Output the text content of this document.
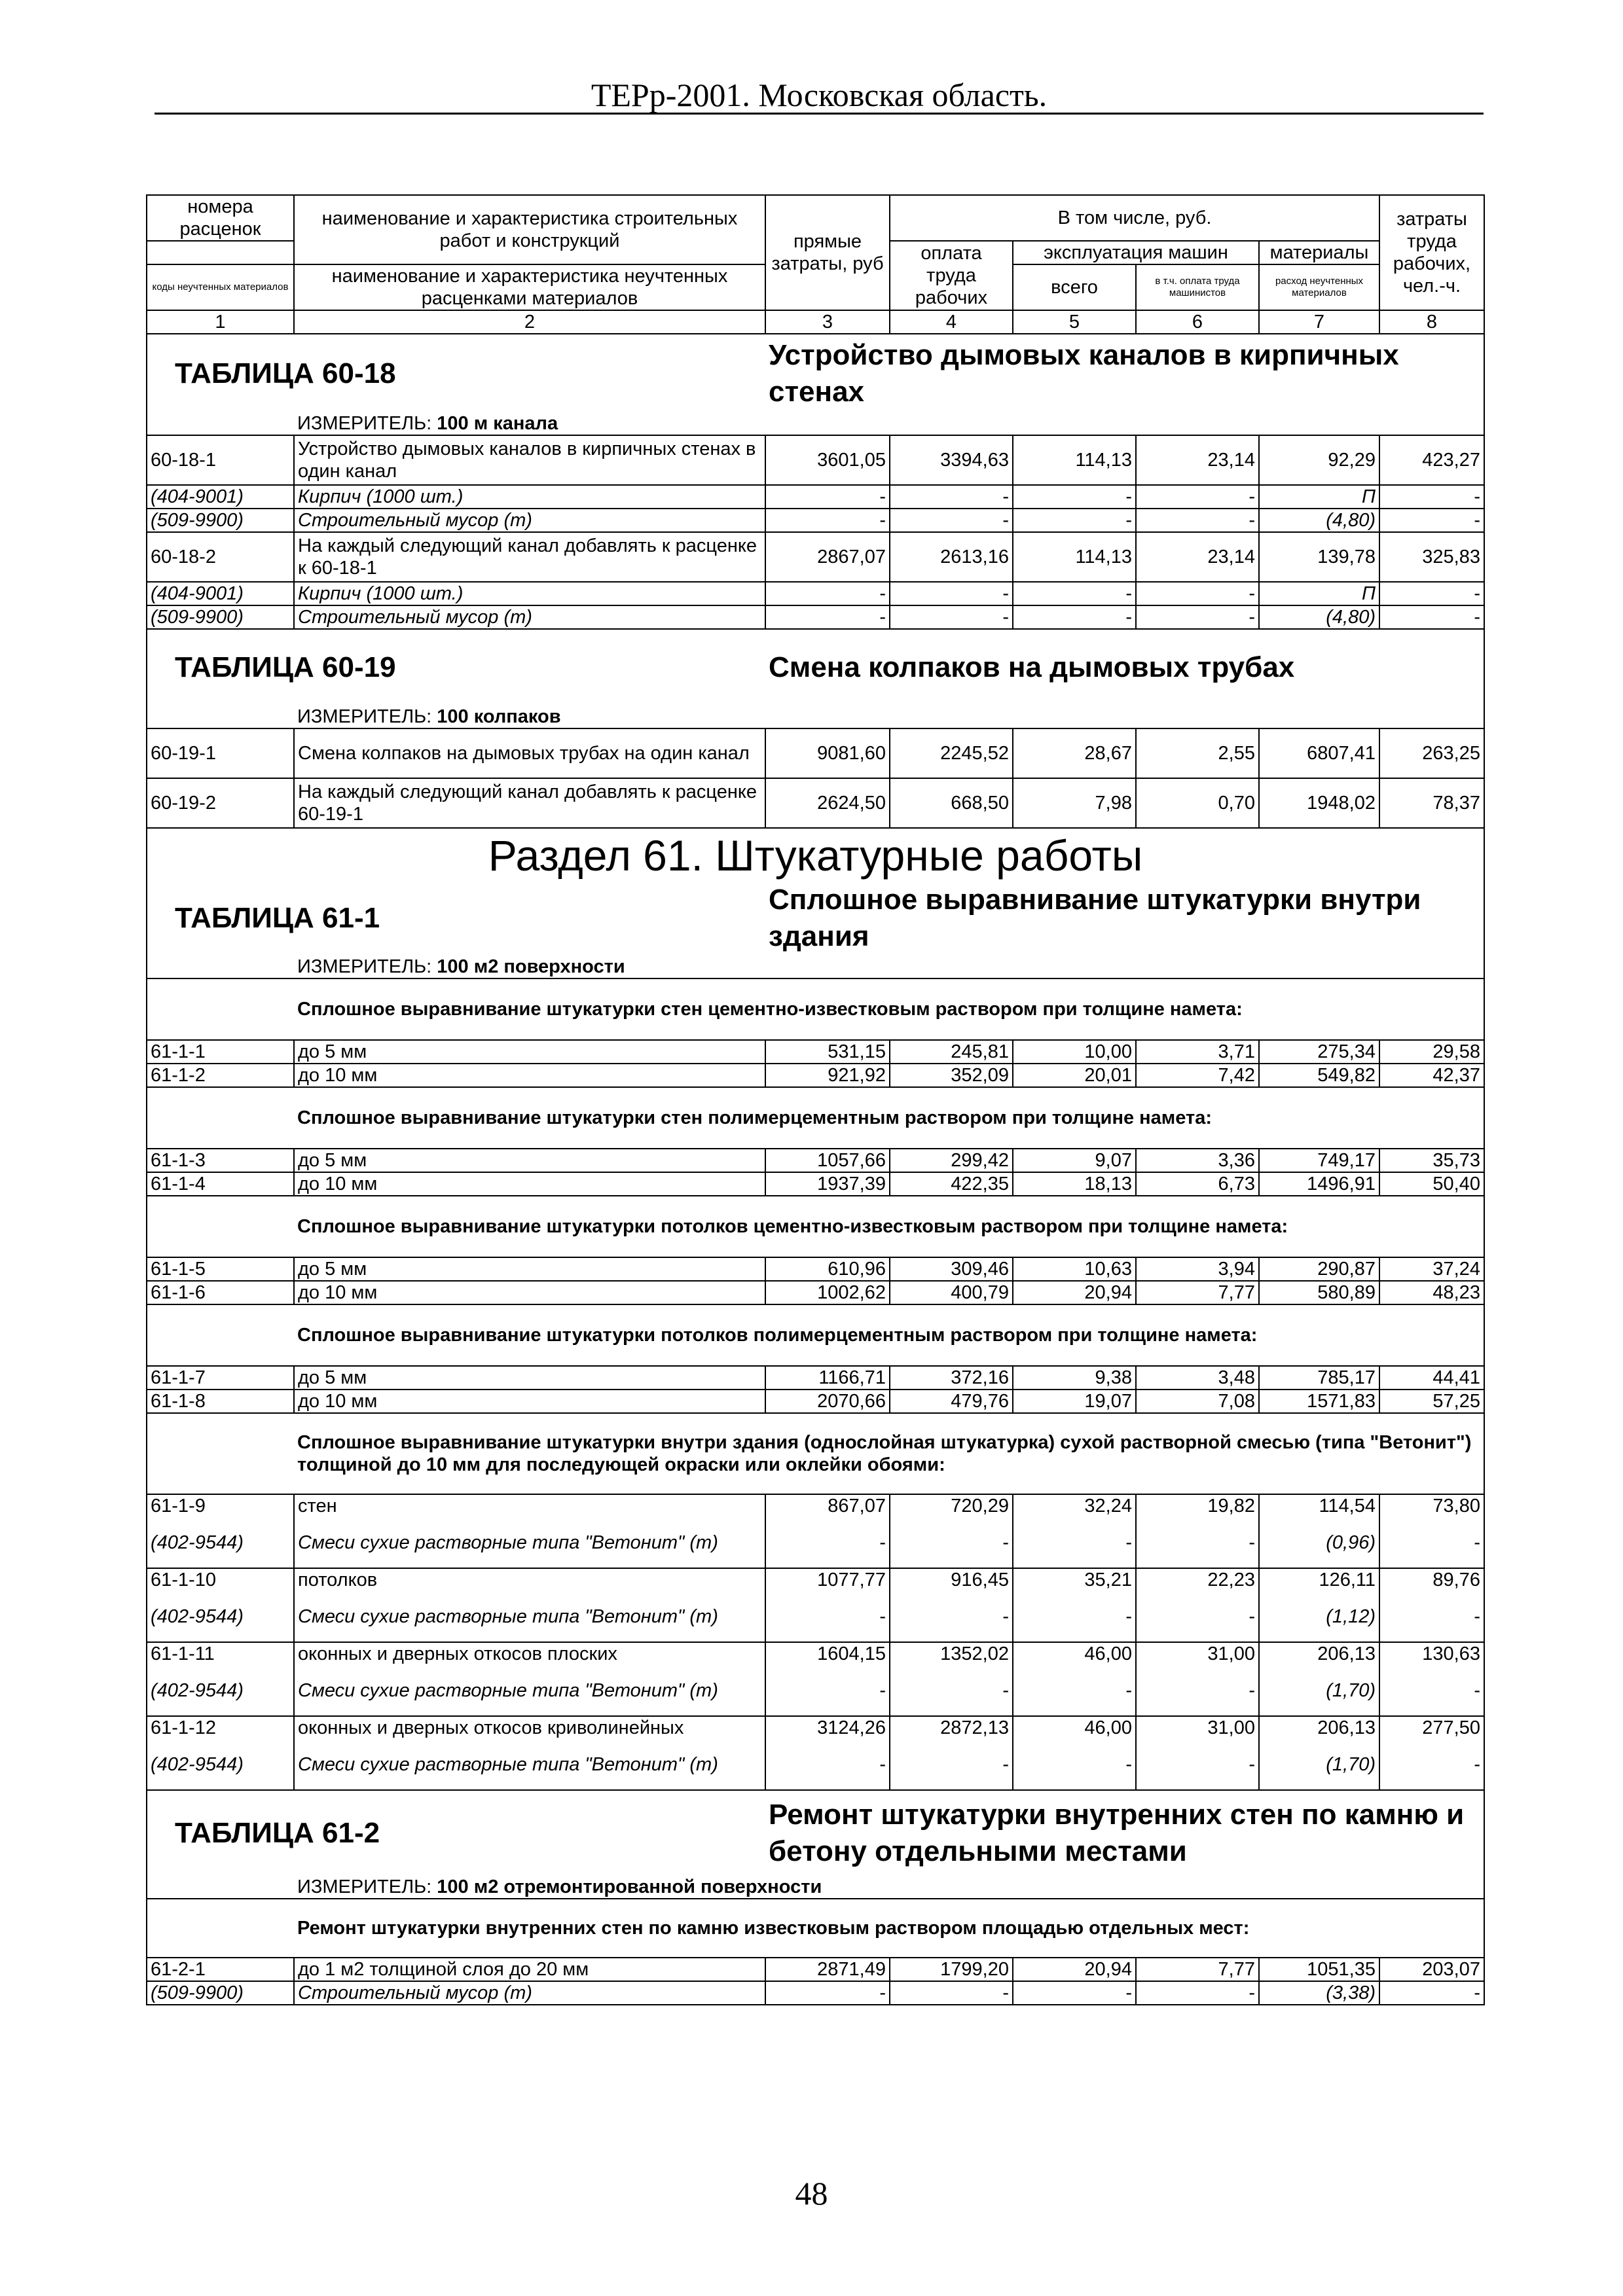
ТЕРр-2001. Московская область.
номера расценок	наименование и характеристика строительных работ и конструкций	прямые затраты, руб	В том числе, руб.				затраты труда рабочих, чел.-ч.
			оплата труда рабочих	эксплуатация машин		материалы	
коды неучтенных материалов	наименование и характеристика неучтенных расценками материалов			всего	в т.ч. оплата труда машинистов	расход неучтенных материалов	

1	2	3	4	5	6	7	8
ТАБЛИЦА 60-18		Устройство дымовых каналов в кирпичных стенах					
	ИЗМЕРИТЕЛЬ: 100 м канала						
60-18-1	Устройство дымовых каналов в кирпичных стенах в один канал	3601,05	3394,63	114,13	23,14	92,29	423,27
(404-9001)	Кирпич (1000 шт.)	-	-	-	-	П	-
(509-9900)	Строительный мусор (т)	-	-	-	-	(4,80)	-
60-18-2	На каждый следующий канал добавлять к расценке к 60-18-1	2867,07	2613,16	114,13	23,14	139,78	325,83
(404-9001)	Кирпич (1000 шт.)	-	-	-	-	П	-
(509-9900)	Строительный мусор (т)	-	-	-	-	(4,80)	-
ТАБЛИЦА 60-19		Смена колпаков на дымовых трубах					
	ИЗМЕРИТЕЛЬ: 100 колпаков						
60-19-1	Смена колпаков на дымовых трубах на один канал	9081,60	2245,52	28,67	2,55	6807,41	263,25
60-19-2	На каждый следующий канал добавлять к расценке 60-19-1	2624,50	668,50	7,98	0,70	1948,02	78,37
Раздел 61. Штукатурные работы							
ТАБЛИЦА 61-1		Сплошное выравнивание штукатурки внутри здания					
	ИЗМЕРИТЕЛЬ: 100 м2 поверхности						
	Сплошное выравнивание штукатурки стен цементно-известковым раствором при толщине намета:						
61-1-1	до 5 мм	531,15	245,81	10,00	3,71	275,34	29,58
61-1-2	до 10 мм	921,92	352,09	20,01	7,42	549,82	42,37
	Сплошное выравнивание штукатурки стен полимерцементным раствором при толщине намета:						
61-1-3	до 5 мм	1057,66	299,42	9,07	3,36	749,17	35,73
61-1-4	до 10 мм	1937,39	422,35	18,13	6,73	1496,91	50,40
	Сплошное выравнивание штукатурки потолков цементно-известковым раствором при толщине намета:						
61-1-5	до 5 мм	610,96	309,46	10,63	3,94	290,87	37,24
61-1-6	до 10 мм	1002,62	400,79	20,94	7,77	580,89	48,23
	Сплошное выравнивание штукатурки потолков полимерцементным раствором при толщине намета:						
61-1-7	до 5 мм	1166,71	372,16	9,38	3,48	785,17	44,41
61-1-8	до 10 мм	2070,66	479,76	19,07	7,08	1571,83	57,25
	Сплошное выравнивание штукатурки внутри здания (однослойная штукатурка) сухой растворной смесью (типа "Ветонит") толщиной до 10 мм для последующей окраски или оклейки обоями:						
61-1-9	стен	867,07	720,29	32,24	19,82	114,54	73,80
(402-9544)	Смеси сухие растворные типа "Ветонит" (т)	-	-	-	-	(0,96)	-
61-1-10	потолков	1077,77	916,45	35,21	22,23	126,11	89,76
(402-9544)	Смеси сухие растворные типа "Ветонит" (т)	-	-	-	-	(1,12)	-
61-1-11	оконных и дверных откосов плоских	1604,15	1352,02	46,00	31,00	206,13	130,63
(402-9544)	Смеси сухие растворные типа "Ветонит" (т)	-	-	-	-	(1,70)	-
61-1-12	оконных и дверных откосов криволинейных	3124,26	2872,13	46,00	31,00	206,13	277,50
(402-9544)	Смеси сухие растворные типа "Ветонит" (т)	-	-	-	-	(1,70)	-
ТАБЛИЦА 61-2		Ремонт штукатурки внутренних стен по камню и бетону отдельными местами					
	ИЗМЕРИТЕЛЬ: 100 м2 отремонтированной поверхности						
	Ремонт штукатурки внутренних стен по камню известковым раствором площадью отдельных мест:						
61-2-1	до 1 м2 толщиной слоя до 20 мм	2871,49	1799,20	20,94	7,77	1051,35	203,07
(509-9900)	Строительный мусор (т)	-	-	-	-	(3,38)	-
48
